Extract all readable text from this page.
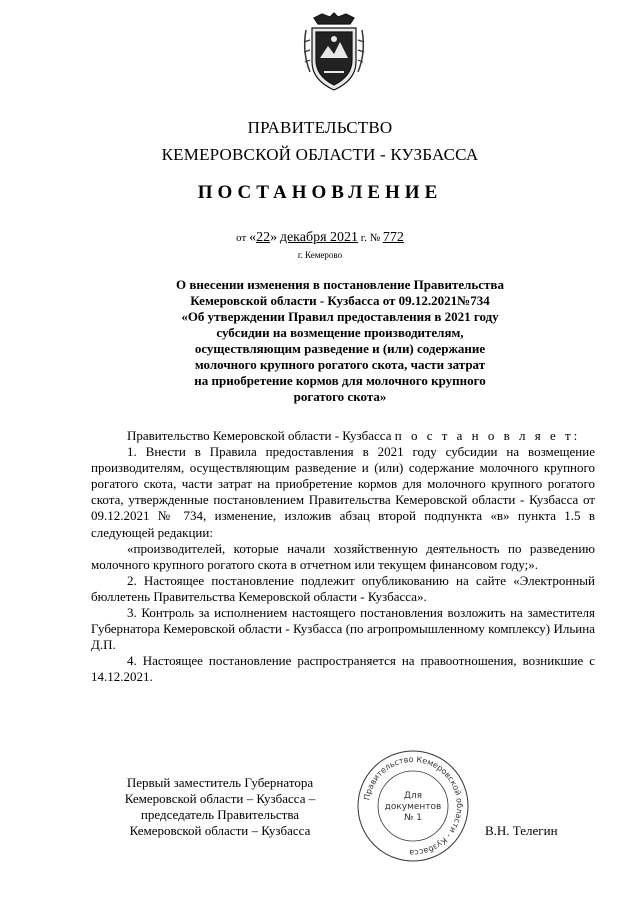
ПРАВИТЕЛЬСТВО
КЕМЕРОВСКОЙ ОБЛАСТИ - КУЗБАССА
ПОСТАНОВЛЕНИЕ
от «22» декабря 2021 г. № 772
г. Кемерово
О внесении изменения в постановление Правительства
Кемеровской области - Кузбасса от 09.12.2021№734
«Об утверждении Правил предоставления в 2021 году
субсидии на возмещение производителям,
осуществляющим разведение и (или) содержание
молочного крупного рогатого скота, части затрат
на приобретение кормов для молочного крупного
рогатого скота»

Правительство Кемеровской области - Кузбасса п о с т а н о в л я е т:

1. Внести в Правила предоставления в 2021 году субсидии на возмещение производителям, осуществляющим разведение и (или) содержание молочного крупного рогатого скота, части затрат на приобретение кормов для молочного крупного рогатого скота, утвержденные постановлением Правительства Кемеровской области - Кузбасса от 09.12.2021 № 734, изменение, изложив абзац второй подпункта «в» пункта 1.5 в следующей редакции:

«производителей, которые начали хозяйственную деятельность по разведению молочного крупного рогатого скота в отчетном или текущем финансовом году;».

2. Настоящее постановление подлежит опубликованию на сайте «Электронный бюллетень Правительства Кемеровской области - Кузбасса».

3. Контроль за исполнением настоящего постановления возложить на заместителя Губернатора Кемеровской области - Кузбасса (по агропромышленному комплексу) Ильина Д.П.

4. Настоящее постановление распространяется на правоотношения, возникшие с 14.12.2021.

Первый заместитель Губернатора
Кемеровской области – Кузбасса –
председатель Правительства
Кемеровской области – Кузбасса
Правительство Кемеровской области - Кузбасса
Для
документов
№ 1
В.Н. Телегин
